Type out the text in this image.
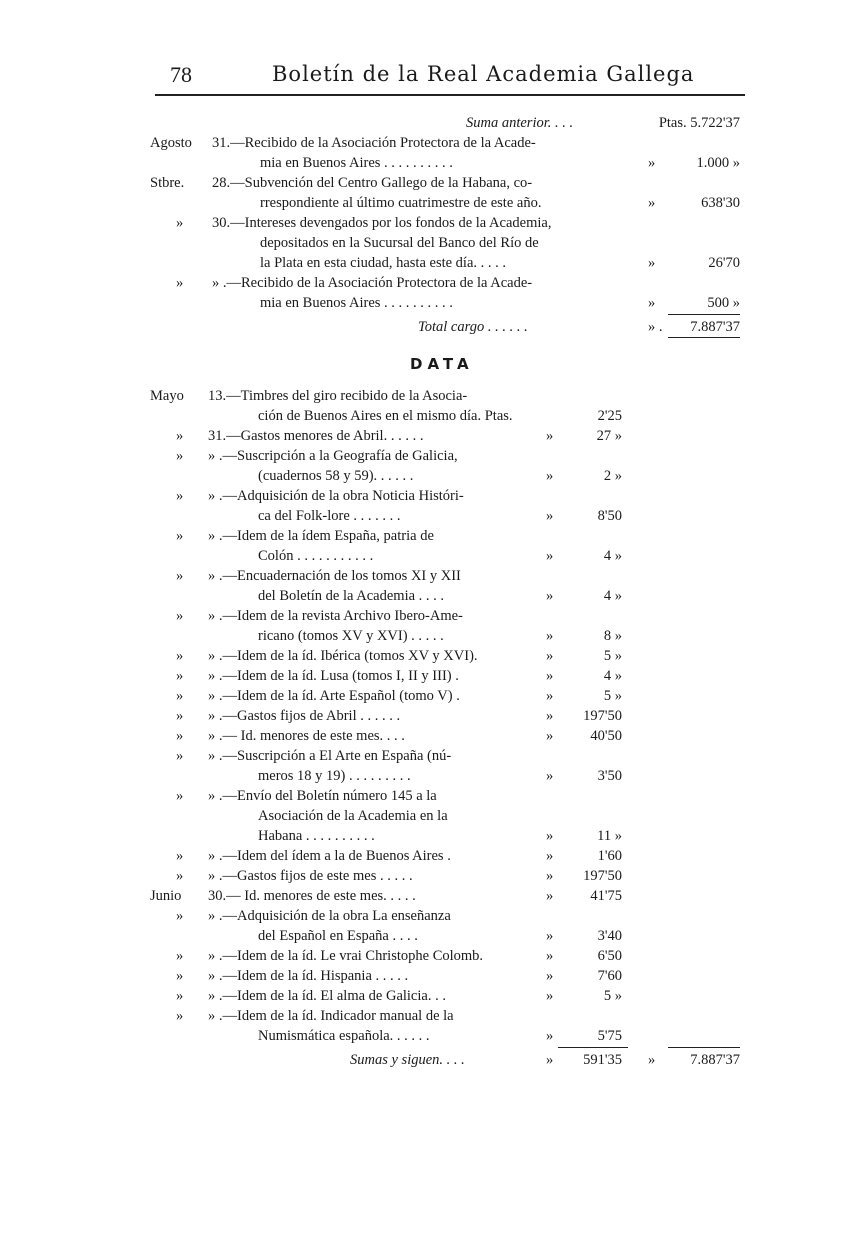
78	Boletín de la Real Academia Gallega
Suma anterior. . . .	Ptas. 5.722'37
Agosto 31.—Recibido de la Asociación Protectora de la Acade-
mia en Buenos Aires . . . . . . . . . .	»	1.000 »
Stbre. 28.—Subvención del Centro Gallego de la Habana, co-
rrespondiente al último cuatrimestre de este año.	»	638'30
» 30.—Intereses devengados por los fondos de la Academia,
depositados en la Sucursal del Banco del Río de
la Plata en esta ciudad, hasta este día. . . . .	»	26'70
» » .—Recibido de la Asociación Protectora de la Acade-
mia en Buenos Aires . . . . . . . . . .	»	500 »
Total cargo . . . . . .	» . 7.887'37
DATA
Mayo 13.—Timbres del giro recibido de la Asocia-
ción de Buenos Aires en el mismo día. Ptas.	2'25
» 31.—Gastos menores de Abril. . . . . .	»	27 »
» » .—Suscripción a la Geografía de Galicia,
(cuadernos 58 y 59). . . . . .	»	2 »
» » .—Adquisición de la obra Noticia Históri-
ca del Folk-lore . . . . . . .	»	8'50
» » .—Idem de la ídem España, patria de
Colón . . . . . . . . . . .	»	4 »
» » .—Encuadernación de los tomos XI y XII
del Boletín de la Academia . . . .	»	4 »
» » .—Idem de la revista Archivo Ibero-Ame-
ricano (tomos XV y XVI) . . . . .	»	8 »
» » .—Idem de la íd. Ibérica (tomos XV y XVI).	»	5 »
» » .—Idem de la íd. Lusa (tomos I, II y III) .	»	4 »
» » .—Idem de la íd. Arte Español (tomo V) .	»	5 »
» » .—Gastos fijos de Abril . . . . . .	» 197'50
» » .— Id. menores de este mes. . . .	»	40'50
» » .—Suscripción a El Arte en España (nú-
meros 18 y 19) . . . . . . . . .	»	3'50
» » .—Envío del Boletín número 145 a la
Asociación de la Academia en la
Habana . . . . . . . . . .	»	11 »
» » .—Idem del ídem a la de Buenos Aires .	»	1'60
» » .—Gastos fijos de este mes . . . . .	» 197'50
Junio 30.— Id. menores de este mes. . . . .	»	41'75
» » .—Adquisición de la obra La enseñanza
del Español en España . . . .	»	3'40
» » .—Idem de la íd. Le vrai Christophe Colomb.	»	6'50
» » .—Idem de la íd. Hispania . . . . .	»	7'60
» » .—Idem de la íd. El alma de Galicia. . .	»	5 »
» » .—Idem de la íd. Indicador manual de la
Numismática española. . . . . .	»	5'75
Sumas y siguen. . . .	» 591'35 » 7.887'37
